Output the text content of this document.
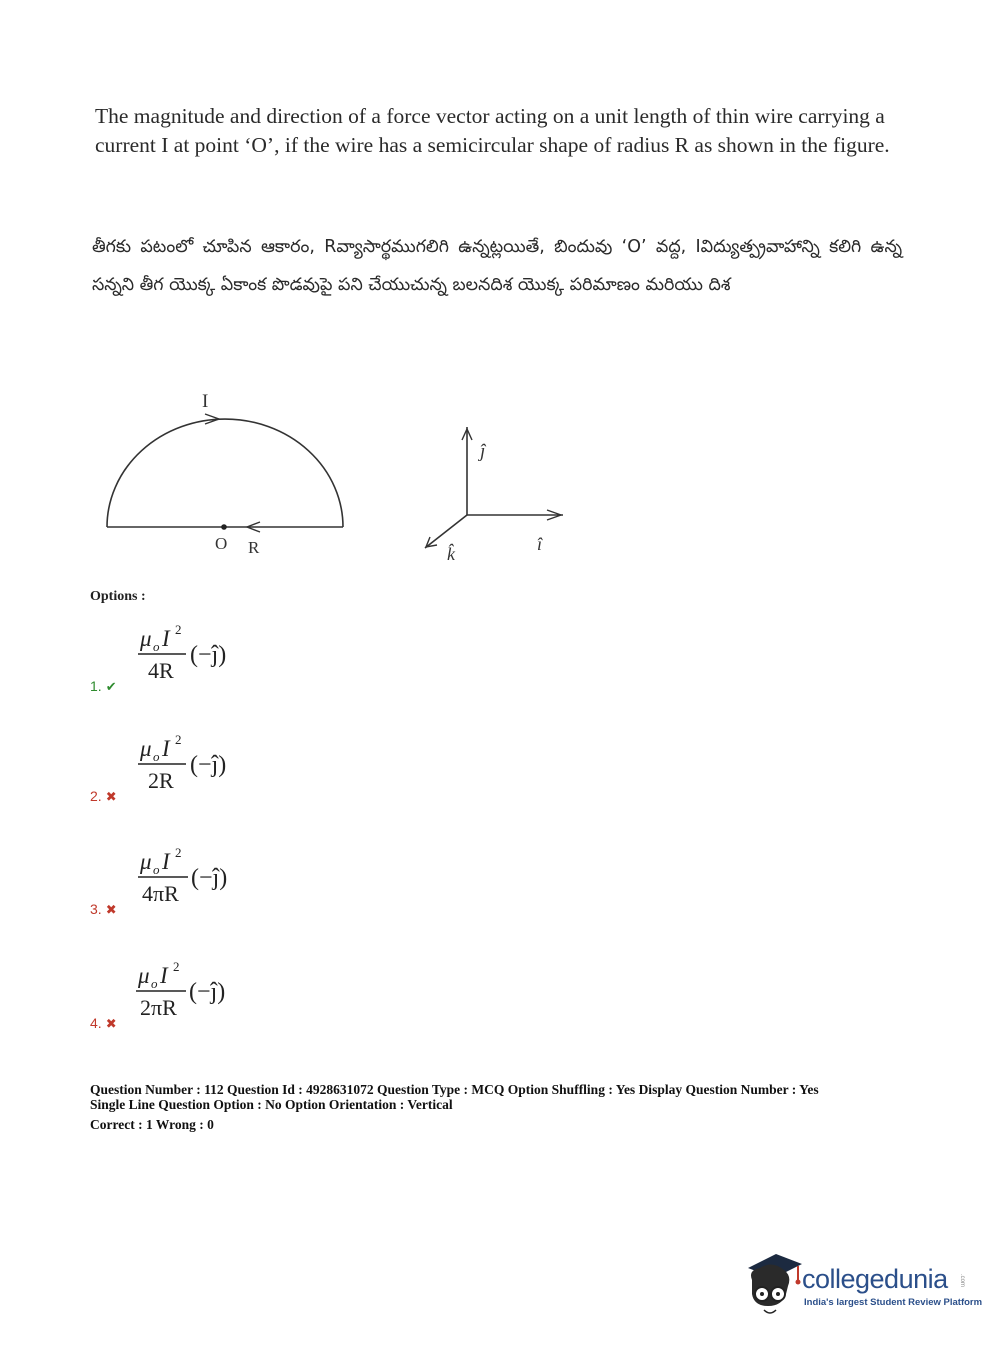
The magnitude and direction of a force vector acting on a unit length of thin wire carrying a current I at point ‘O’, if the wire has a semicircular shape of radius R as shown in the figure.
తీగకు పటంలో చూపిన ఆకారం, Rవ్యాసార్థముగలిగి ఉన్నట్లయితే, బిందువు ‘O’ వద్ద, Iవిద్యుత్ప్రవాహాన్ని కలిగి ఉన్న సన్నని తీగ యొక్క ఏకాంక పొడవుపై పని చేయుచున్న బలనదిశ యొక్క పరిమాణం మరియు దిశ
I
O R
ĵ
î
k̂
Options :
μ o I 2
4R
(−ĵ)
1. ✔
μ o I 2
2R
(−ĵ)
2. ✖
μ o I 2
4πR
(−ĵ)
3. ✖
μ o I 2
2πR
(−ĵ)
4. ✖
Question Number : 112 Question Id : 4928631072 Question Type : MCQ Option Shuffling : Yes Display Question Number : Yes
Single Line Question Option : No Option Orientation : Vertical
Correct : 1 Wrong : 0
collegedunia .com
India's largest Student Review Platform
